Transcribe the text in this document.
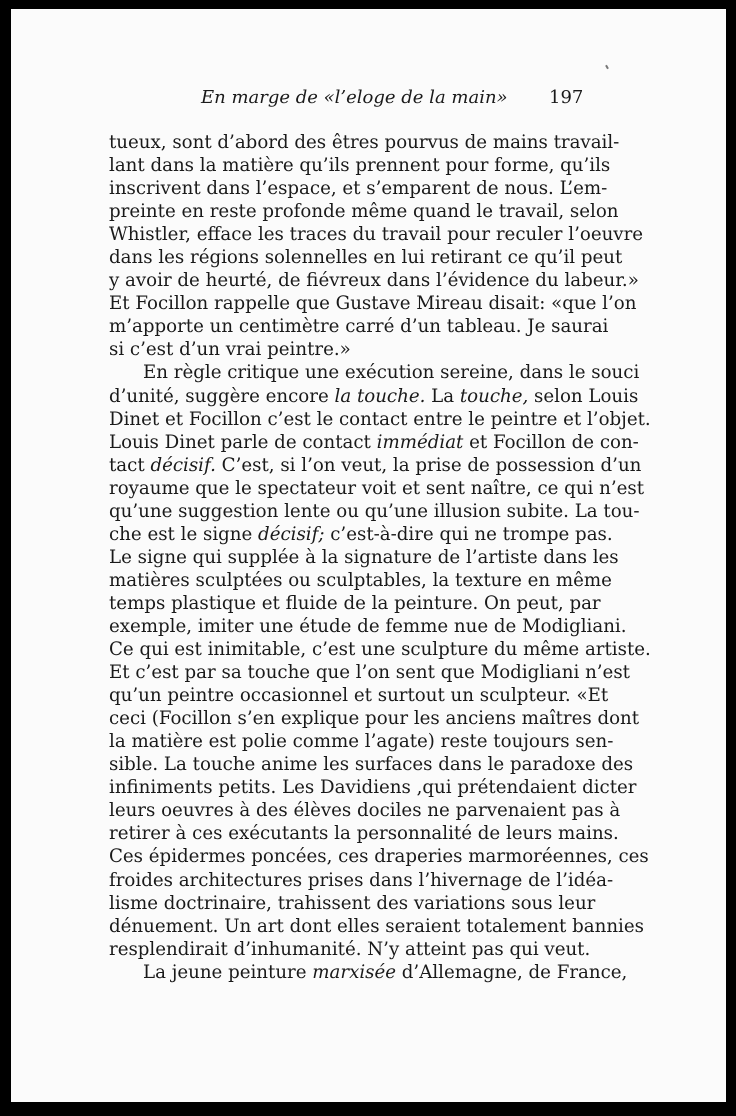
En marge de «l’eloge de la main» 197
tueux, sont d’abord des êtres pourvus de mains travail-
lant dans la matière qu’ils prennent pour forme, qu’ils
inscrivent dans l’espace, et s’emparent de nous. L’em-
preinte en reste profonde même quand le travail, selon
Whistler, efface les traces du travail pour reculer l’oeuvre
dans les régions solennelles en lui retirant ce qu’il peut
y avoir de heurté, de fiévreux dans l’évidence du labeur.»
Et Focillon rappelle que Gustave Mireau disait: «que l’on
m’apporte un centimètre carré d’un tableau. Je saurai
si c’est d’un vrai peintre.»
En règle critique une exécution sereine, dans le souci
d’unité, suggère encore la touche. La touche, selon Louis
Dinet et Focillon c’est le contact entre le peintre et l’objet.
Louis Dinet parle de contact immédiat et Focillon de con-
tact décisif. C’est, si l’on veut, la prise de possession d’un
royaume que le spectateur voit et sent naître, ce qui n’est
qu’une suggestion lente ou qu’une illusion subite. La tou-
che est le signe décisif; c’est-à-dire qui ne trompe pas.
Le signe qui supplée à la signature de l’artiste dans les
matières sculptées ou sculptables, la texture en même
temps plastique et fluide de la peinture. On peut, par
exemple, imiter une étude de femme nue de Modigliani.
Ce qui est inimitable, c’est une sculpture du même artiste.
Et c’est par sa touche que l’on sent que Modigliani n’est
qu’un peintre occasionnel et surtout un sculpteur. «Et
ceci (Focillon s’en explique pour les anciens maîtres dont
la matière est polie comme l’agate) reste toujours sen-
sible. La touche anime les surfaces dans le paradoxe des
infiniments petits. Les Davidiens ,qui prétendaient dicter
leurs oeuvres à des élèves dociles ne parvenaient pas à
retirer à ces exécutants la personnalité de leurs mains.
Ces épidermes poncées, ces draperies marmoréennes, ces
froides architectures prises dans l’hivernage de l’idéa-
lisme doctrinaire, trahissent des variations sous leur
dénuement. Un art dont elles seraient totalement bannies
resplendirait d’inhumanité. N’y atteint pas qui veut.
La jeune peinture marxisée d’Allemagne, de France,
